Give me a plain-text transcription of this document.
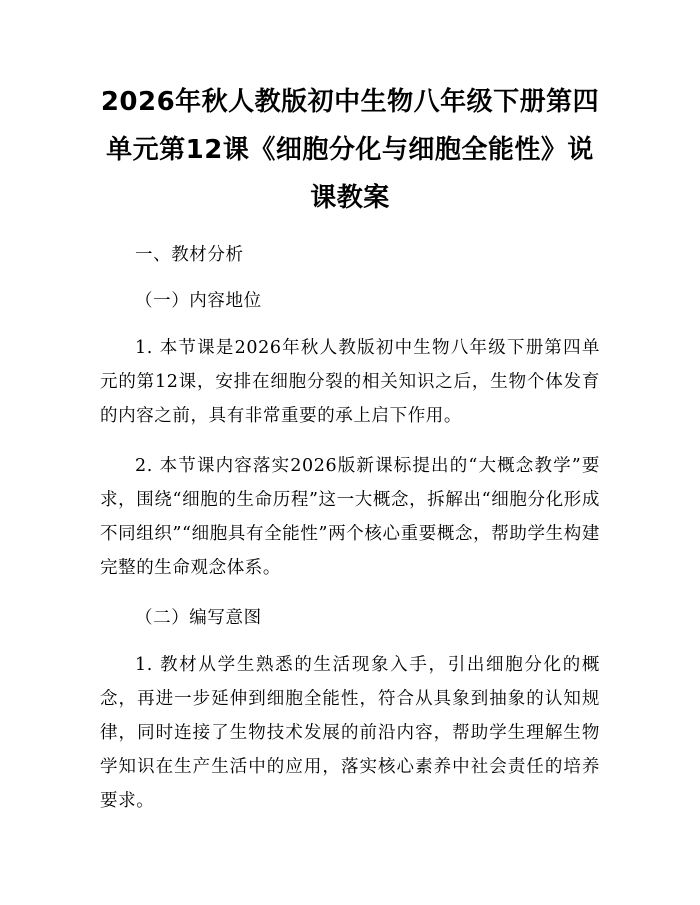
2026年秋人教版初中生物八年级下册第四单元第12课《细胞分化与细胞全能性》说课教案

一、教材分析

（一）内容地位

1. 本节课是2026年秋人教版初中生物八年级下册第四单元的第12课，安排在细胞分裂的相关知识之后，生物个体发育的内容之前，具有非常重要的承上启下作用。

2. 本节课内容落实2026版新课标提出的“大概念教学”要求，围绕“细胞的生命历程”这一大概念，拆解出“细胞分化形成不同组织”“细胞具有全能性”两个核心重要概念，帮助学生构建完整的生命观念体系。

（二）编写意图

1. 教材从学生熟悉的生活现象入手，引出细胞分化的概念，再进一步延伸到细胞全能性，符合从具象到抽象的认知规律，同时连接了生物技术发展的前沿内容，帮助学生理解生物学知识在生产生活中的应用，落实核心素养中社会责任的培养要求。
